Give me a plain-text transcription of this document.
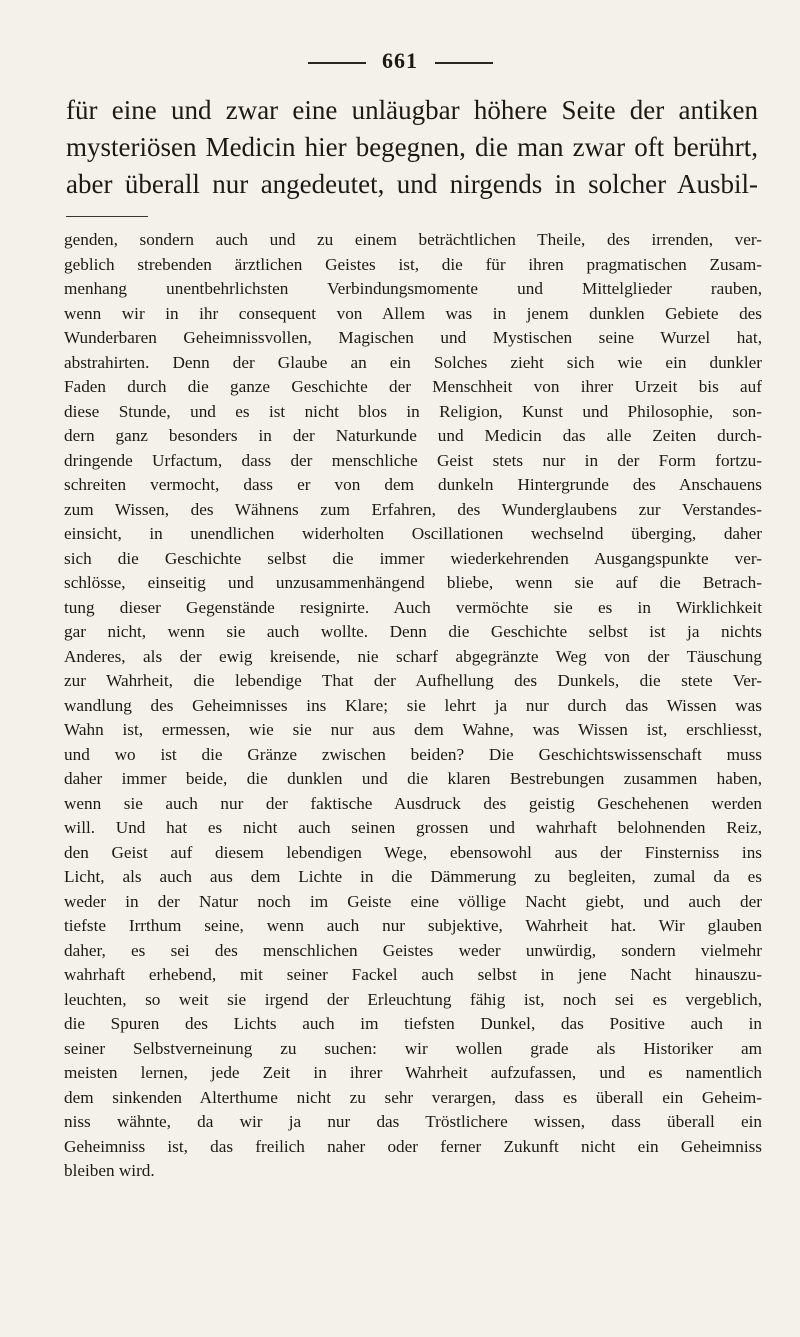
661
für eine und zwar eine unläugbar höhere Seite der antiken
mysteriösen Medicin hier begegnen, die man zwar oft berührt,
aber überall nur angedeutet, und nirgends in solcher Ausbil-
genden, sondern auch und zu einem beträchtlichen Theile, des irrenden, ver-
geblich strebenden ärztlichen Geistes ist, die für ihren pragmatischen Zusam-
menhang unentbehrlichsten Verbindungsmomente und Mittelglieder rauben,
wenn wir in ihr consequent von Allem was in jenem dunklen Gebiete des
Wunderbaren Geheimnissvollen, Magischen und Mystischen seine Wurzel hat,
abstrahirten. Denn der Glaube an ein Solches zieht sich wie ein dunkler
Faden durch die ganze Geschichte der Menschheit von ihrer Urzeit bis auf
diese Stunde, und es ist nicht blos in Religion, Kunst und Philosophie, son-
dern ganz besonders in der Naturkunde und Medicin das alle Zeiten durch-
dringende Urfactum, dass der menschliche Geist stets nur in der Form fortzu-
schreiten vermocht, dass er von dem dunkeln Hintergrunde des Anschauens
zum Wissen, des Wähnens zum Erfahren, des Wunderglaubens zur Verstandes-
einsicht, in unendlichen widerholten Oscillationen wechselnd überging, daher
sich die Geschichte selbst die immer wiederkehrenden Ausgangspunkte ver-
schlösse, einseitig und unzusammenhängend bliebe, wenn sie auf die Betrach-
tung dieser Gegenstände resignirte. Auch vermöchte sie es in Wirklichkeit
gar nicht, wenn sie auch wollte. Denn die Geschichte selbst ist ja nichts
Anderes, als der ewig kreisende, nie scharf abgegränzte Weg von der Täuschung
zur Wahrheit, die lebendige That der Aufhellung des Dunkels, die stete Ver-
wandlung des Geheimnisses ins Klare; sie lehrt ja nur durch das Wissen was
Wahn ist, ermessen, wie sie nur aus dem Wahne, was Wissen ist, erschliesst,
und wo ist die Gränze zwischen beiden? Die Geschichtswissenschaft muss
daher immer beide, die dunklen und die klaren Bestrebungen zusammen haben,
wenn sie auch nur der faktische Ausdruck des geistig Geschehenen werden
will. Und hat es nicht auch seinen grossen und wahrhaft belohnenden Reiz,
den Geist auf diesem lebendigen Wege, ebensowohl aus der Finsterniss ins
Licht, als auch aus dem Lichte in die Dämmerung zu begleiten, zumal da es
weder in der Natur noch im Geiste eine völlige Nacht giebt, und auch der
tiefste Irrthum seine, wenn auch nur subjektive, Wahrheit hat. Wir glauben
daher, es sei des menschlichen Geistes weder unwürdig, sondern vielmehr
wahrhaft erhebend, mit seiner Fackel auch selbst in jene Nacht hinauszu-
leuchten, so weit sie irgend der Erleuchtung fähig ist, noch sei es vergeblich,
die Spuren des Lichts auch im tiefsten Dunkel, das Positive auch in
seiner Selbstverneinung zu suchen: wir wollen grade als Historiker am
meisten lernen, jede Zeit in ihrer Wahrheit aufzufassen, und es namentlich
dem sinkenden Alterthume nicht zu sehr verargen, dass es überall ein Geheim-
niss wähnte, da wir ja nur das Tröstlichere wissen, dass überall ein
Geheimniss ist, das freilich naher oder ferner Zukunft nicht ein Geheimniss
bleiben wird.
